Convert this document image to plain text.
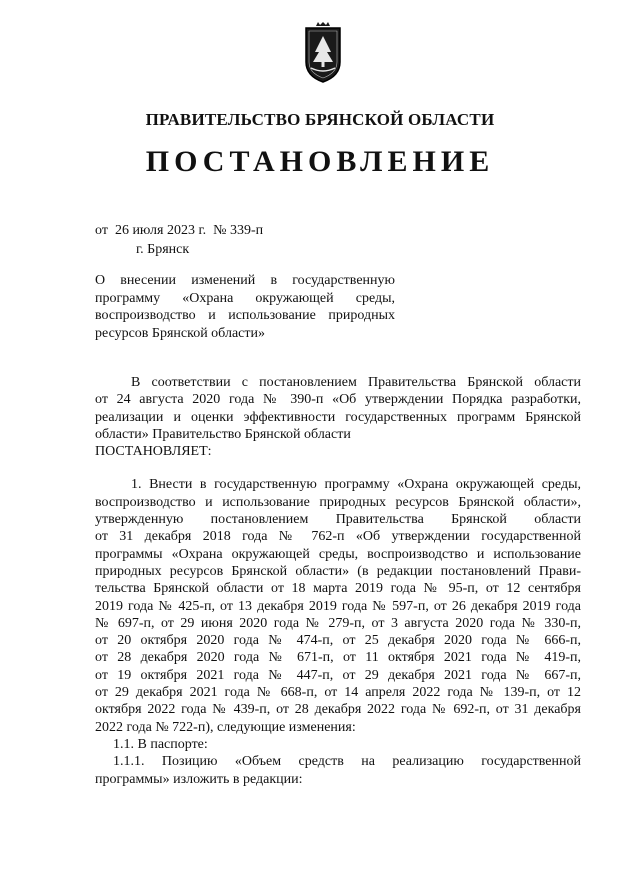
ПРАВИТЕЛЬСТВО БРЯНСКОЙ ОБЛАСТИ
ПОСТАНОВЛЕНИЕ
от 26 июля 2023 г. № 339-п
г. Брянск
О внесении изменений в государственную
программу «Охрана окружающей среды,
воспроизводство и использование природных
ресурсов Брянской области»
В соответствии с постановлением Правительства Брянской области
от 24 августа 2020 года № 390-п «Об утверждении Порядка разработки,
реализации и оценки эффективности государственных программ Брянской
области» Правительство Брянской области
ПОСТАНОВЛЯЕТ:
1. Внести в государственную программу «Охрана окружающей среды,
воспроизводство и использование природных ресурсов Брянской области»,
утвержденную постановлением Правительства Брянской области
от 31 декабря 2018 года № 762-п «Об утверждении государственной
программы «Охрана окружающей среды, воспроизводство и использование
природных ресурсов Брянской области» (в редакции постановлений Прави-
тельства Брянской области от 18 марта 2019 года № 95-п, от 12 сентября
2019 года № 425-п, от 13 декабря 2019 года № 597-п, от 26 декабря 2019 года
№ 697-п, от 29 июня 2020 года № 279-п, от 3 августа 2020 года № 330-п,
от 20 октября 2020 года № 474-п, от 25 декабря 2020 года № 666-п,
от 28 декабря 2020 года № 671-п, от 11 октября 2021 года № 419-п,
от 19 октября 2021 года № 447-п, от 29 декабря 2021 года № 667-п,
от 29 декабря 2021 года № 668-п, от 14 апреля 2022 года № 139-п, от 12
октября 2022 года № 439-п, от 28 декабря 2022 года № 692-п, от 31 декабря
2022 года № 722-п), следующие изменения:
1.1. В паспорте:
1.1.1. Позицию «Объем средств на реализацию государственной
программы» изложить в редакции:
